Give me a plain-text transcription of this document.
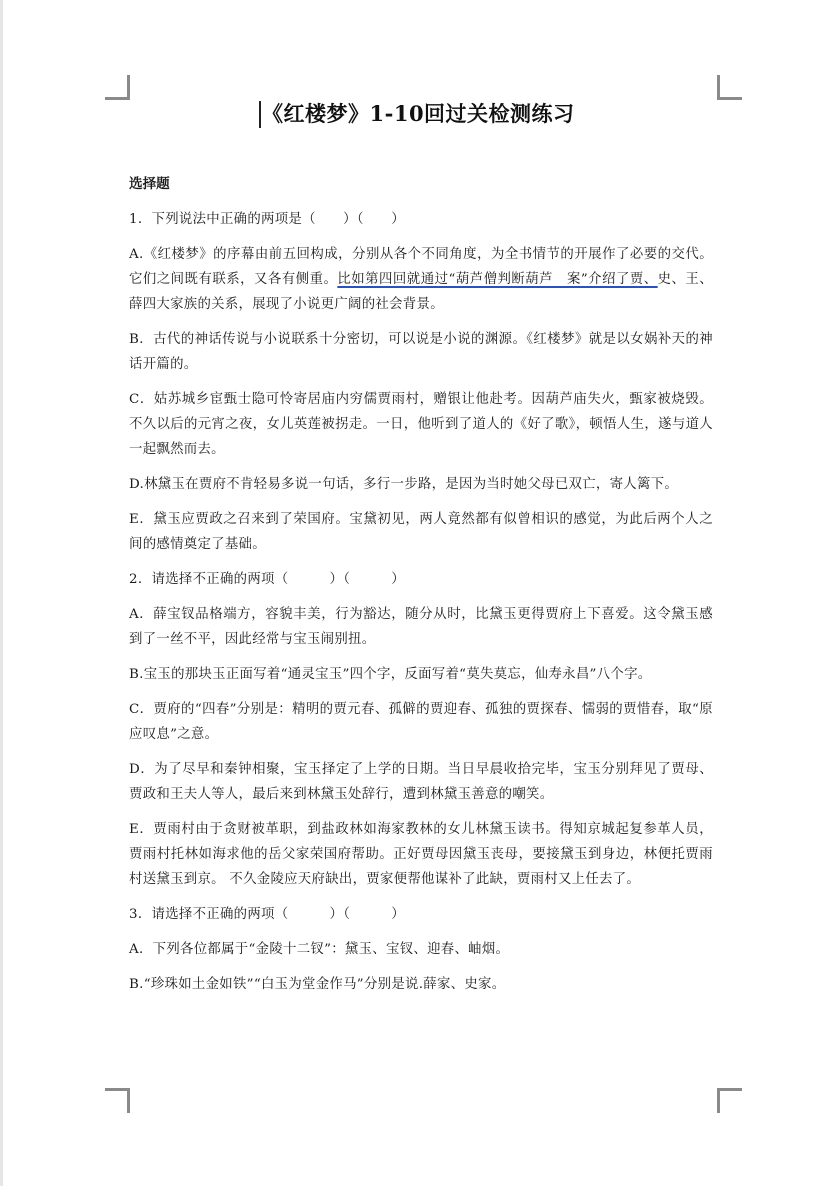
《红楼梦》1-10回过关检测练习
选择题
1．下列说法中正确的两项是（　　）（　　）
A.《红楼梦》的序幕由前五回构成，分别从各个不同角度，为全书情节的开展作了必要的交代。它们之间既有联系，又各有侧重。比如第四回就通过“葫芦僧判断葫芦　案”介绍了贾、史、王、薛四大家族的关系，展现了小说更广阔的社会背景。
B．古代的神话传说与小说联系十分密切，可以说是小说的渊源。《红楼梦》就是以女娲补天的神话开篇的。
C．姑苏城乡宦甄士隐可怜寄居庙内穷儒贾雨村，赠银让他赴考。因葫芦庙失火，甄家被烧毁。不久以后的元宵之夜，女儿英莲被拐走。一日，他听到了道人的《好了歌》，顿悟人生，遂与道人一起飘然而去。
D.林黛玉在贾府不肯轻易多说一句话，多行一步路，是因为当时她父母已双亡，寄人篱下。
E．黛玉应贾政之召来到了荣国府。宝黛初见，两人竟然都有似曾相识的感觉，为此后两个人之间的感情奠定了基础。
2．请选择不正确的两项（　　　）（　　　）
A．薛宝钗品格端方，容貌丰美，行为豁达，随分从时，比黛玉更得贾府上下喜爱。这令黛玉感到了一丝不平，因此经常与宝玉闹别扭。
B.宝玉的那块玉正面写着“通灵宝玉”四个字，反面写着“莫失莫忘，仙寿永昌”八个字。
C．贾府的“四春”分别是：精明的贾元春、孤僻的贾迎春、孤独的贾探春、懦弱的贾惜春，取“原应叹息”之意。
D．为了尽早和秦钟相聚，宝玉择定了上学的日期。当日早晨收拾完毕，宝玉分别拜见了贾母、贾政和王夫人等人，最后来到林黛玉处辞行，遭到林黛玉善意的嘲笑。
E．贾雨村由于贪财被革职，到盐政林如海家教林的女儿林黛玉读书。得知京城起复参革人员，贾雨村托林如海求他的岳父家荣国府帮助。正好贾母因黛玉丧母，要接黛玉到身边，林便托贾雨村送黛玉到京。 不久金陵应天府缺出，贾家便帮他谋补了此缺，贾雨村又上任去了。
3．请选择不正确的两项（　　　）（　　　）
A．下列各位都属于“金陵十二钗”：黛玉、宝钗、迎春、岫烟。
B.“珍珠如土金如铁”“白玉为堂金作马”分别是说.薛家、史家。
